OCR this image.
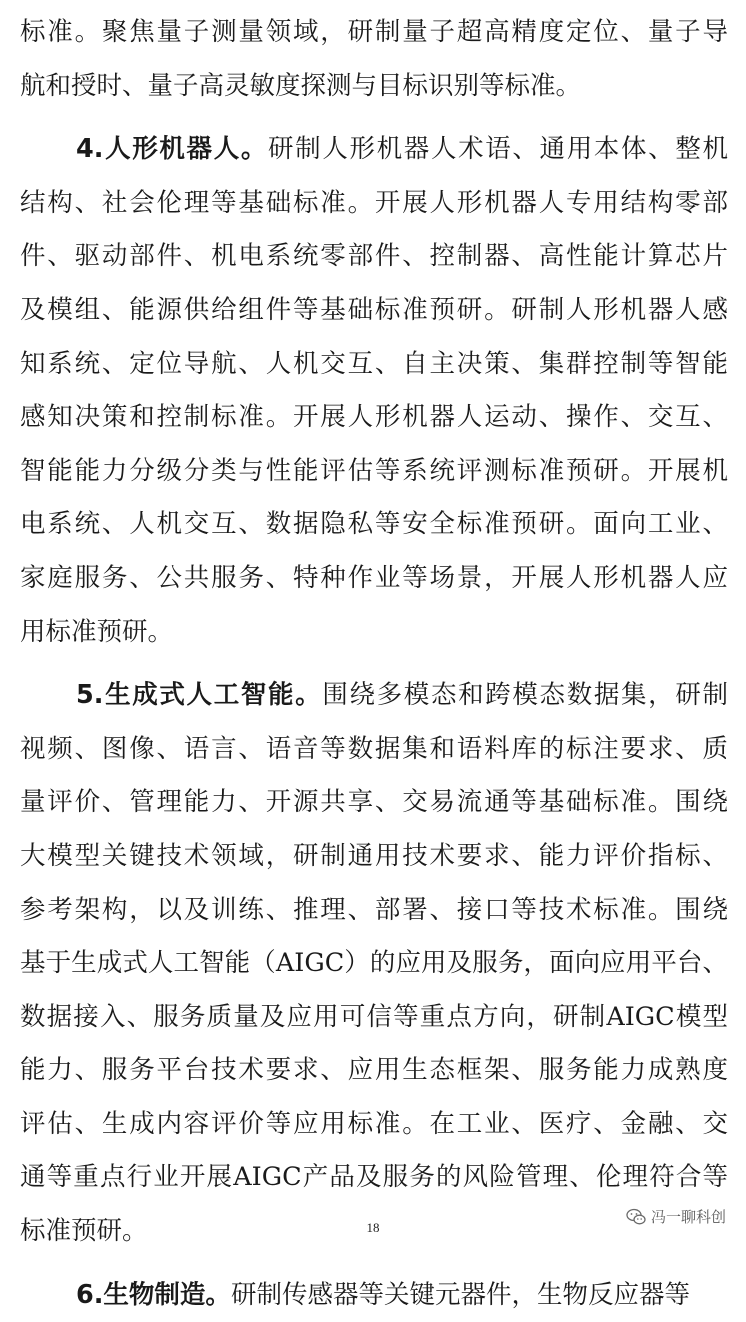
标准。聚焦量子测量领域，研制量子超高精度定位、量子导
航和授时、量子高灵敏度探测与目标识别等标准。
4.人形机器人。研制人形机器人术语、通用本体、整机
结构、社会伦理等基础标准。开展人形机器人专用结构零部
件、驱动部件、机电系统零部件、控制器、高性能计算芯片
及模组、能源供给组件等基础标准预研。研制人形机器人感
知系统、定位导航、人机交互、自主决策、集群控制等智能
感知决策和控制标准。开展人形机器人运动、操作、交互、
智能能力分级分类与性能评估等系统评测标准预研。开展机
电系统、人机交互、数据隐私等安全标准预研。面向工业、
家庭服务、公共服务、特种作业等场景，开展人形机器人应
用标准预研。
5.生成式人工智能。围绕多模态和跨模态数据集，研制
视频、图像、语言、语音等数据集和语料库的标注要求、质
量评价、管理能力、开源共享、交易流通等基础标准。围绕
大模型关键技术领域，研制通用技术要求、能力评价指标、
参考架构，以及训练、推理、部署、接口等技术标准。围绕
基于生成式人工智能（AIGC）的应用及服务，面向应用平台、
数据接入、服务质量及应用可信等重点方向，研制AIGC模型
能力、服务平台技术要求、应用生态框架、服务能力成熟度
评估、生成内容评价等应用标准。在工业、医疗、金融、交
通等重点行业开展AIGC产品及服务的风险管理、伦理符合等
标准预研。
6.生物制造。研制传感器等关键元器件，生物反应器等
18
冯一聊科创
